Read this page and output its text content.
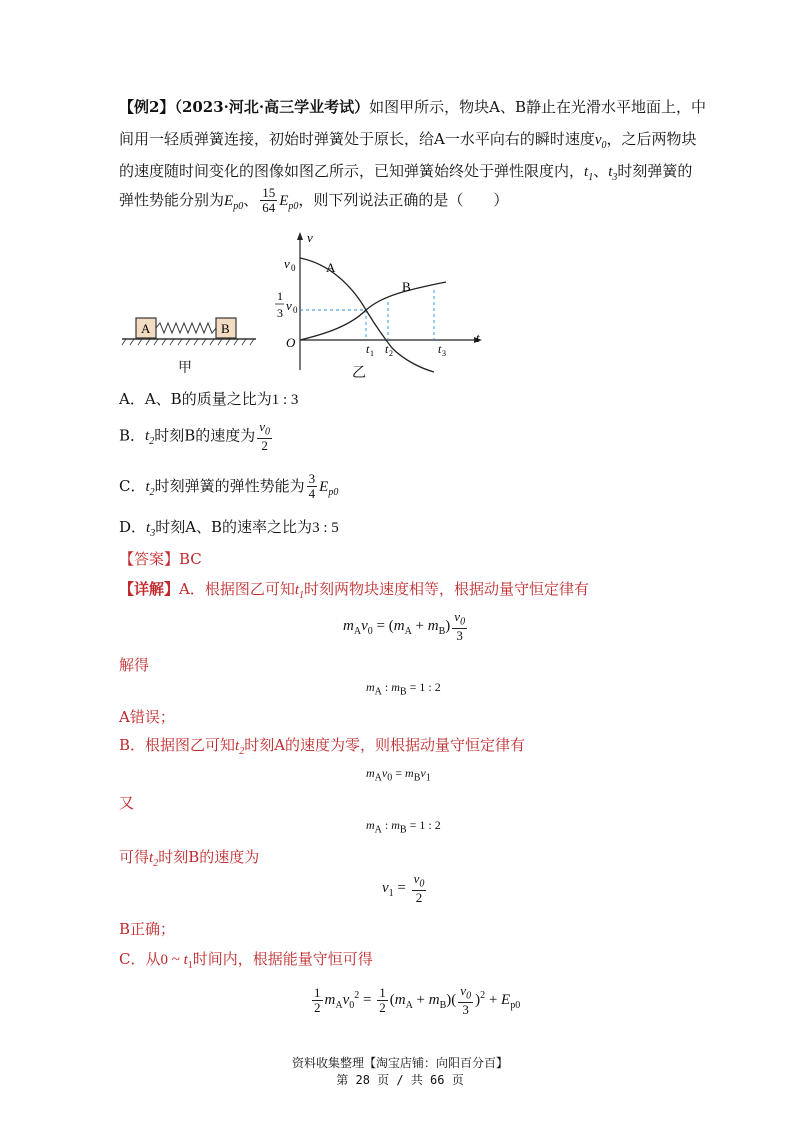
【例2】（2023·河北·高三学业考试）如图甲所示，物块A、B静止在光滑水平地面上，中
间用一轻质弹簧连接，初始时弹簧处于原长，给A一水平向右的瞬时速度$v_0$，之后两物块
的速度随时间变化的图像如图乙所示，已知弹簧始终处于弹性限度内，$t_1$、$t_3$时刻弹簧的
弹性势能分别为$E_{p0}$、 $\frac{15}{64} E_{p0}$，则下列说法正确的是（　　）
A	B
甲
v
t
O
v 0
1
3 v 0
A
B
t 1 t 2	t 3
乙
A．A、B的质量之比为1 : 3
B．$t_2$时刻B的速度为 $\frac{v_0}{2}$
C．$t_2$时刻弹簧的弹性势能为 $\frac{3}{4} E_{p0}$
D．$t_3$时刻A、B的速率之比为3 : 5
【答案】BC
【详解】A．根据图乙可知$t_1$时刻两物块速度相等，根据动量守恒定律有
$m_Av_0 = (m_A + m_B) \frac{v_0}{3}$
解得
$m_A$ : $m_B = 1$ : 2
A错误；
B．根据图乙可知$t_2$时刻A的速度为零，则根据动量守恒定律有
$m_Av_0 = m_Bv_1$
又
$m_A$ : $m_B = 1$ : 2
可得$t_2$时刻B的速度为
$v_1 = \frac{v_0}{2}$
B正确；
C．从0 ~ $t_1$时间内，根据能量守恒可得
$\frac{1}{2} m_Av_0^2 = \frac{1}{2} (m_A + m_B)( \frac{v_0}{3} )^2 + E_{p0}$
资料收集整理【淘宝店铺：向阳百分百】
第 28 页 / 共 66 页
